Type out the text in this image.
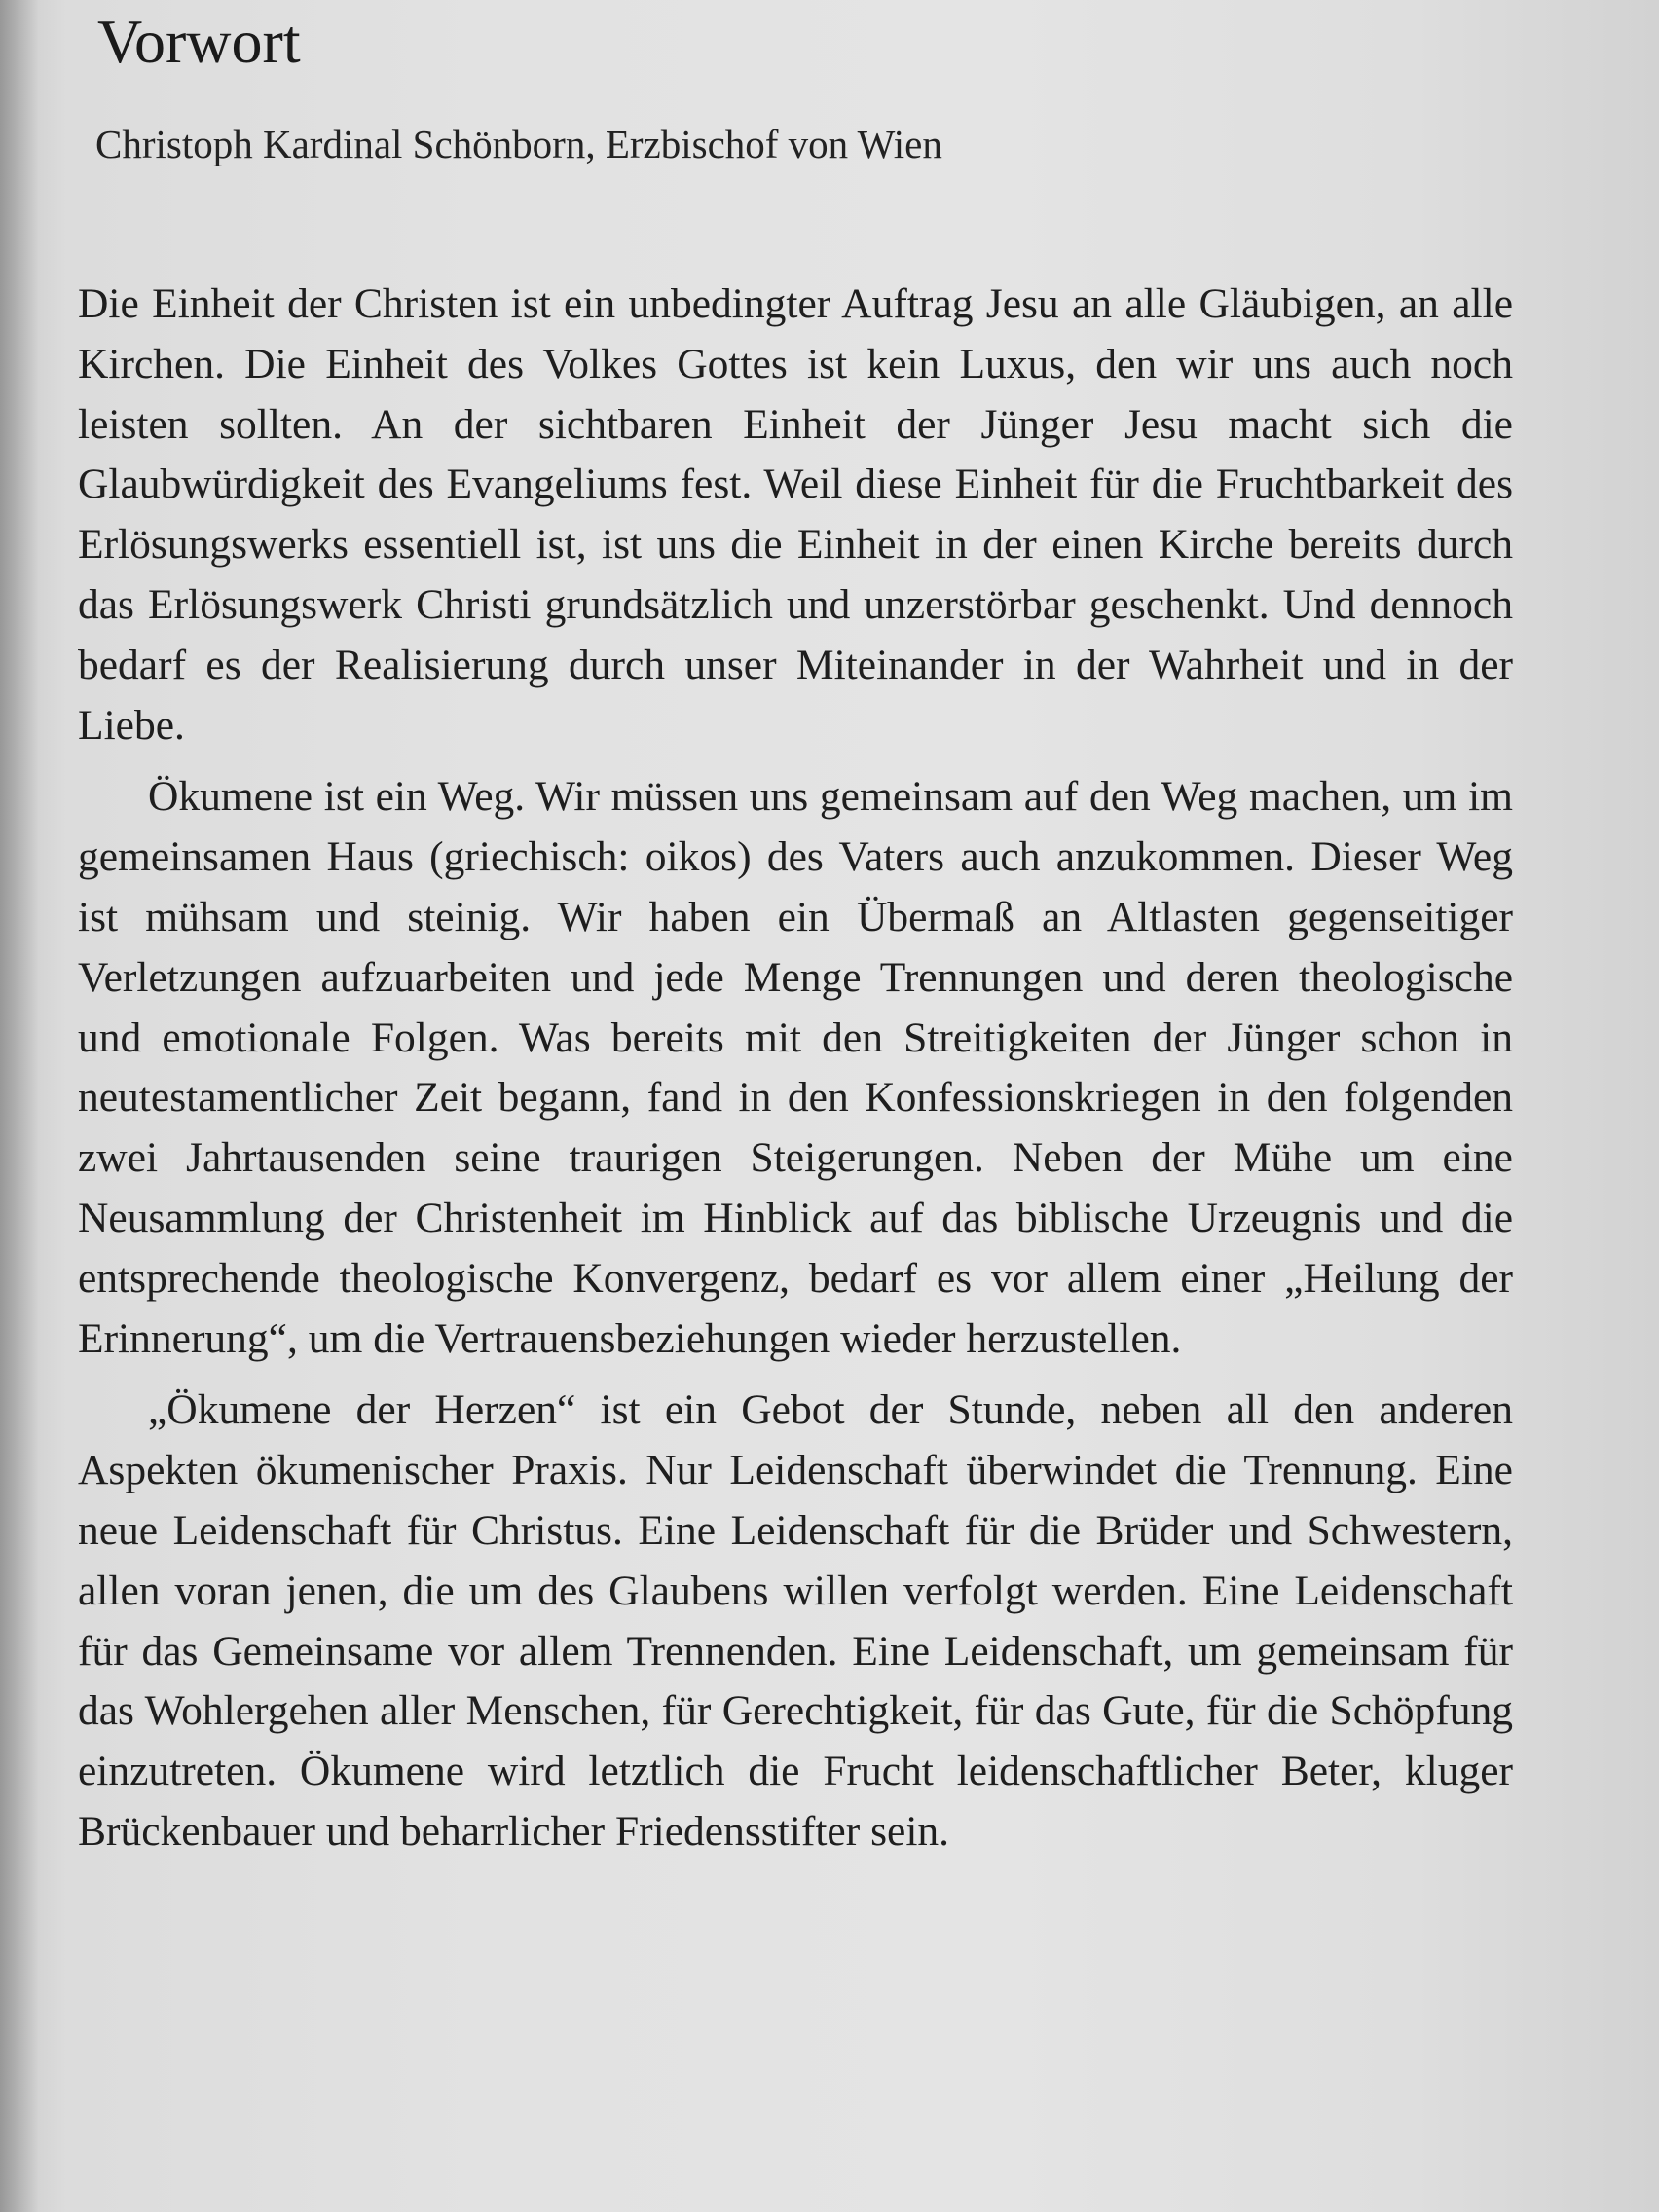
Vorwort

Christoph Kardinal Schönborn, Erzbischof von Wien

Die Einheit der Christen ist ein unbedingter Auftrag Jesu an alle Gläubigen, an alle Kirchen. Die Einheit des Volkes Gottes ist kein Luxus, den wir uns auch noch leisten sollten. An der sichtbaren Einheit der Jünger Jesu macht sich die Glaubwürdigkeit des Evangeliums fest. Weil diese Einheit für die Fruchtbarkeit des Erlösungswerks essentiell ist, ist uns die Einheit in der einen Kirche bereits durch das Erlösungswerk Christi grundsätzlich und unzerstörbar geschenkt. Und dennoch bedarf es der Realisierung durch unser Miteinander in der Wahrheit und in der Liebe.

Ökumene ist ein Weg. Wir müssen uns gemeinsam auf den Weg machen, um im gemeinsamen Haus (griechisch: oikos) des Vaters auch anzukommen. Dieser Weg ist mühsam und steinig. Wir haben ein Übermaß an Altlasten gegenseitiger Verletzungen aufzuarbeiten und jede Menge Trennungen und deren theologische und emotionale Folgen. Was bereits mit den Streitigkeiten der Jünger schon in neutestamentlicher Zeit begann, fand in den Konfessionskriegen in den folgenden zwei Jahrtausenden seine traurigen Steigerungen. Neben der Mühe um eine Neusammlung der Christenheit im Hinblick auf das biblische Urzeugnis und die entsprechende theologische Konvergenz, bedarf es vor allem einer „Heilung der Erinnerung“, um die Vertrauensbeziehungen wieder herzustellen.

„Ökumene der Herzen“ ist ein Gebot der Stunde, neben all den anderen Aspekten ökumenischer Praxis. Nur Leidenschaft überwindet die Trennung. Eine neue Leidenschaft für Christus. Eine Leidenschaft für die Brüder und Schwestern, allen voran jenen, die um des Glaubens willen verfolgt werden. Eine Leidenschaft für das Gemeinsame vor allem Trennenden. Eine Leidenschaft, um gemeinsam für das Wohlergehen aller Menschen, für Gerechtigkeit, für das Gute, für die Schöpfung einzutreten. Ökumene wird letztlich die Frucht leidenschaftlicher Beter, kluger Brückenbauer und beharrlicher Friedensstifter sein.
